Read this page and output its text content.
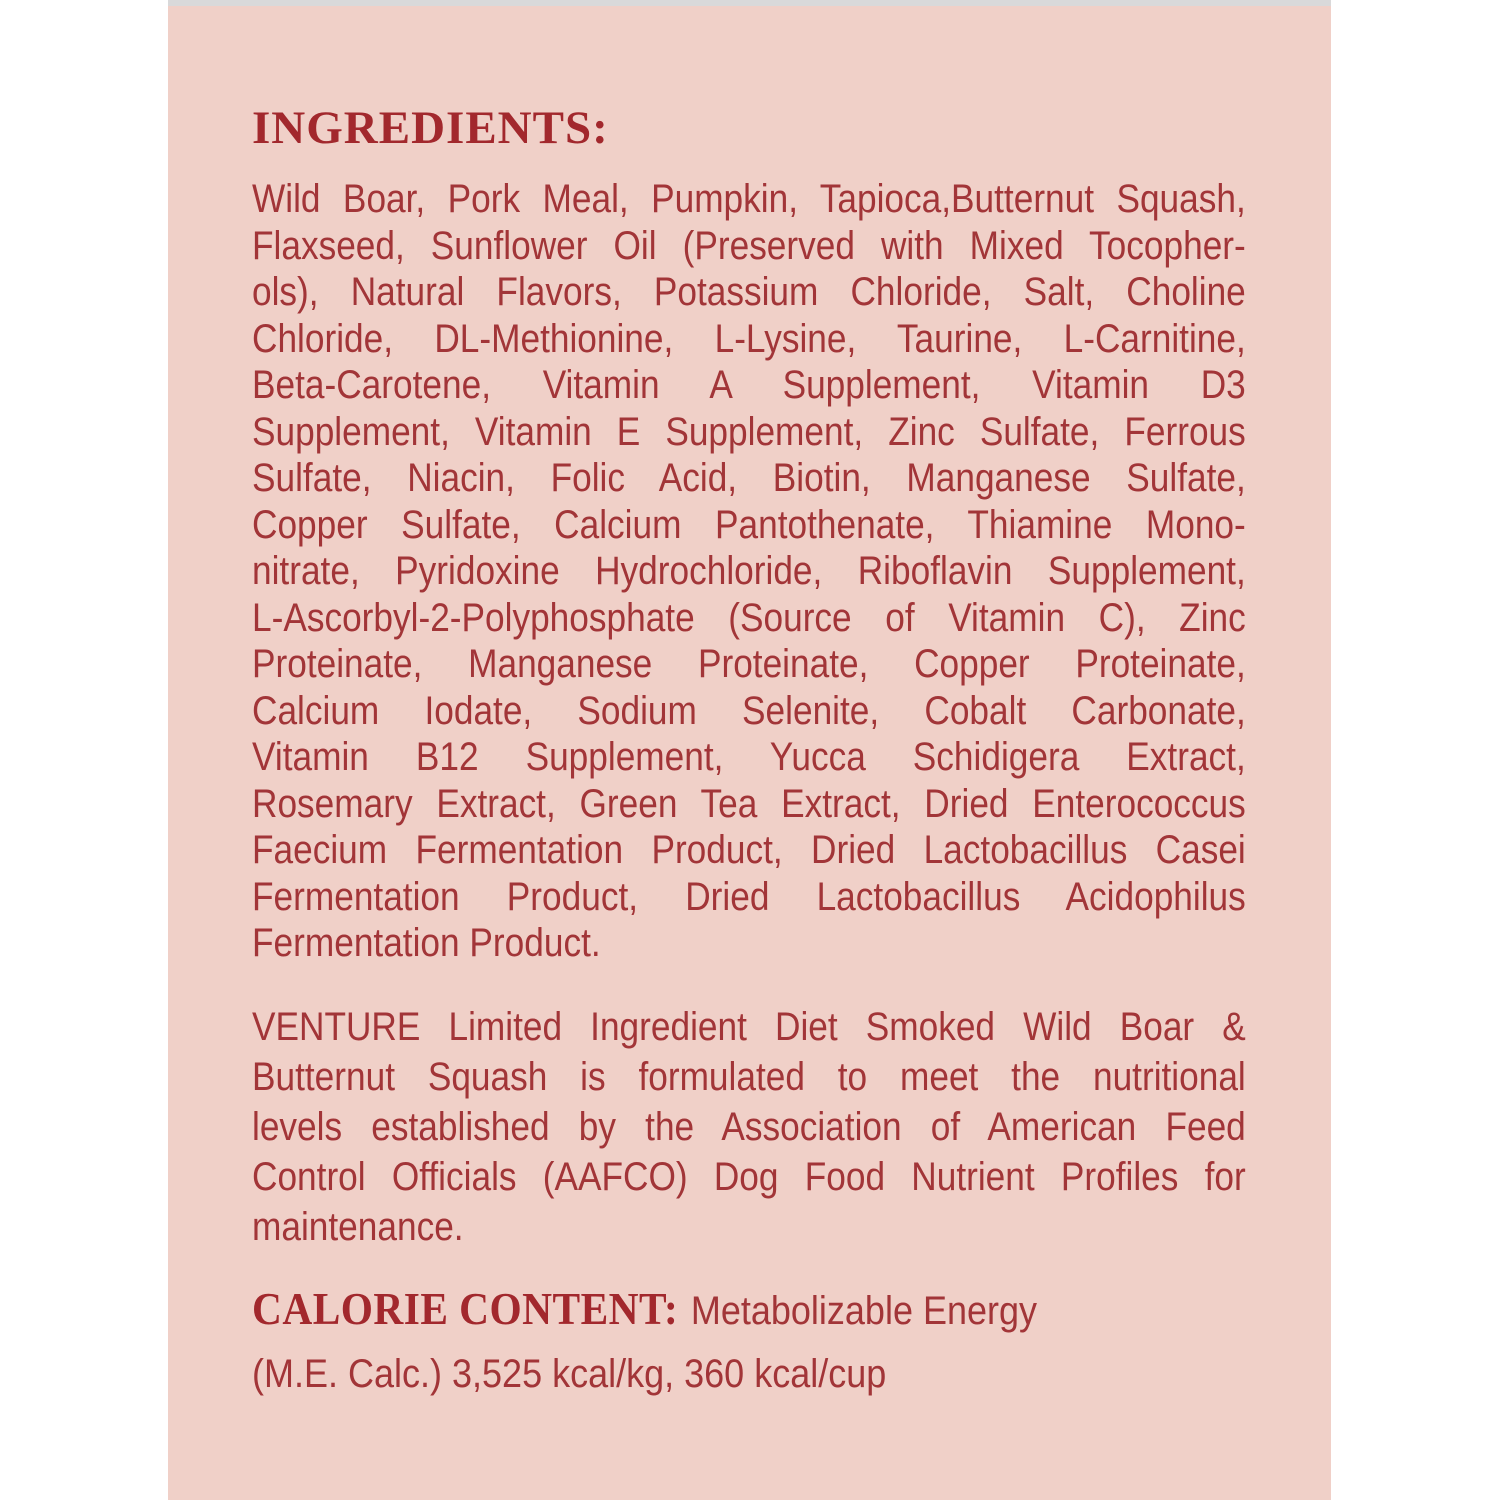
INGREDIENTS:
Wild Boar, Pork Meal, Pumpkin, Tapioca,Butternut Squash,
Flaxseed, Sunflower Oil (Preserved with Mixed Tocopher-
ols), Natural Flavors, Potassium Chloride, Salt, Choline
Chloride, DL-Methionine, L-Lysine, Taurine, L-Carnitine,
Beta-Carotene, Vitamin A Supplement, Vitamin D3
Supplement, Vitamin E Supplement, Zinc Sulfate, Ferrous
Sulfate, Niacin, Folic Acid, Biotin, Manganese Sulfate,
Copper Sulfate, Calcium Pantothenate, Thiamine Mono-
nitrate, Pyridoxine Hydrochloride, Riboflavin Supplement,
L-Ascorbyl-2-Polyphosphate (Source of Vitamin C), Zinc
Proteinate, Manganese Proteinate, Copper Proteinate,
Calcium Iodate, Sodium Selenite, Cobalt Carbonate,
Vitamin B12 Supplement, Yucca Schidigera Extract,
Rosemary Extract, Green Tea Extract, Dried Enterococcus
Faecium Fermentation Product, Dried Lactobacillus Casei
Fermentation Product, Dried Lactobacillus Acidophilus
Fermentation Product.
VENTURE Limited Ingredient Diet Smoked Wild Boar &
Butternut Squash is formulated to meet the nutritional
levels established by the Association of American Feed
Control Officials (AAFCO) Dog Food Nutrient Profiles for
maintenance.
CALORIE CONTENT: Metabolizable Energy
(M.E. Calc.) 3,525 kcal/kg, 360 kcal/cup
